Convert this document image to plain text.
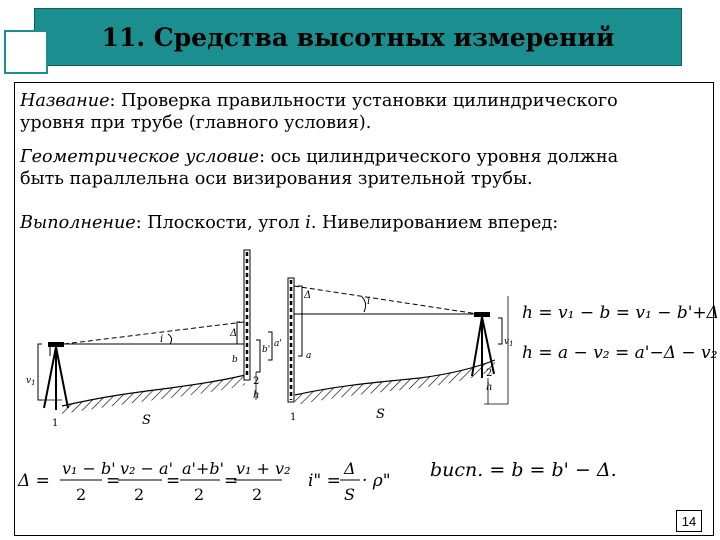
11. Средства высотных измерений
Название: Проверка правильности установки цилиндрического
уровня при трубе (главного условия).
Геометрическое условие: ось цилиндрического уровня должна
быть параллельна оси визирования зрительной трубы.
Выполнение: Плоскости, угол i. Нивелированием вперед:
i
i
Δ
Δ
b'
a'
b	a
$v_1$
$v_1$
1
1
2
2
h
h
S	S
h = v₁ − b = v₁ − b'+Δ
h = a − v₂ = a'−Δ − v₂
Δ =
v₁ − b'
2
=
v₂ − a'
2
=
a'+b'
2
=
v₁ + v₂
2
i" =
Δ
S
· ρ" bисп. = b = b' − Δ.
14
